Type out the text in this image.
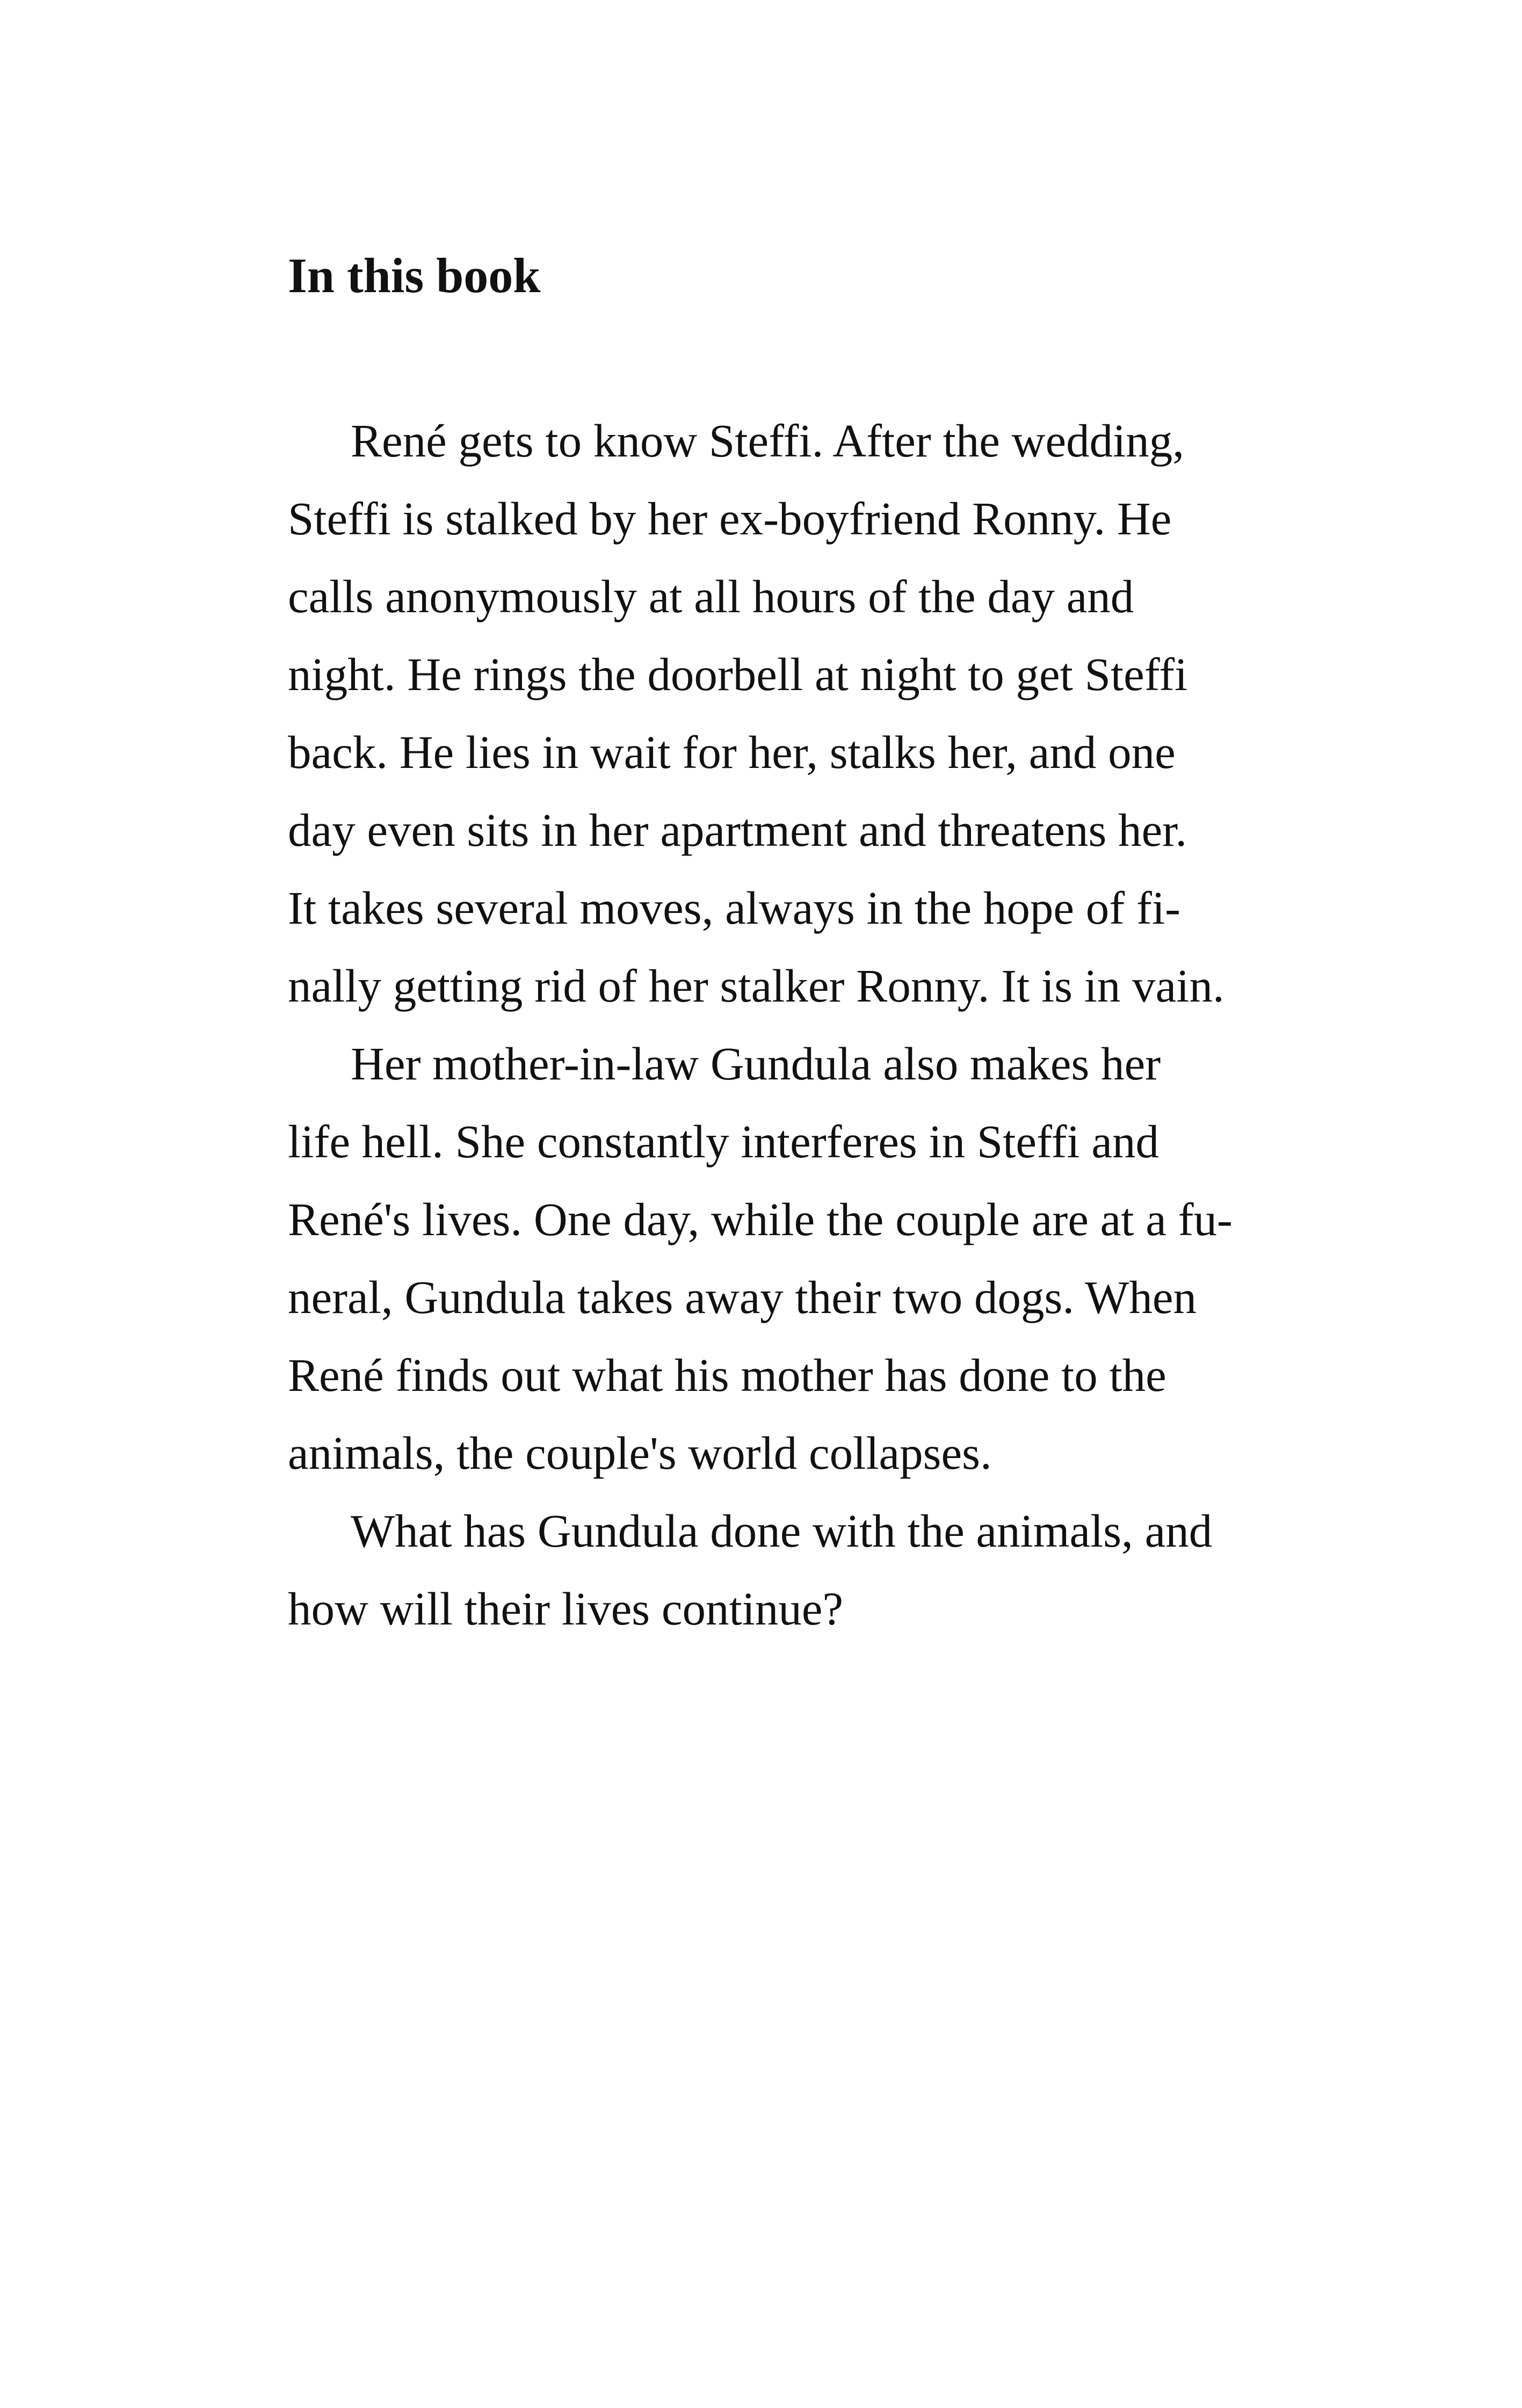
In this book

René gets to know Steffi. After the wedding,
Steffi is stalked by her ex-boyfriend Ronny. He
calls anonymously at all hours of the day and
night. He rings the doorbell at night to get Steffi
back. He lies in wait for her, stalks her, and one
day even sits in her apartment and threatens her.
It takes several moves, always in the hope of fi-
nally getting rid of her stalker Ronny. It is in vain.

Her mother-in-law Gundula also makes her
life hell. She constantly interferes in Steffi and
René's lives. One day, while the couple are at a fu-
neral, Gundula takes away their two dogs. When
René finds out what his mother has done to the
animals, the couple's world collapses.

What has Gundula done with the animals, and
how will their lives continue?
